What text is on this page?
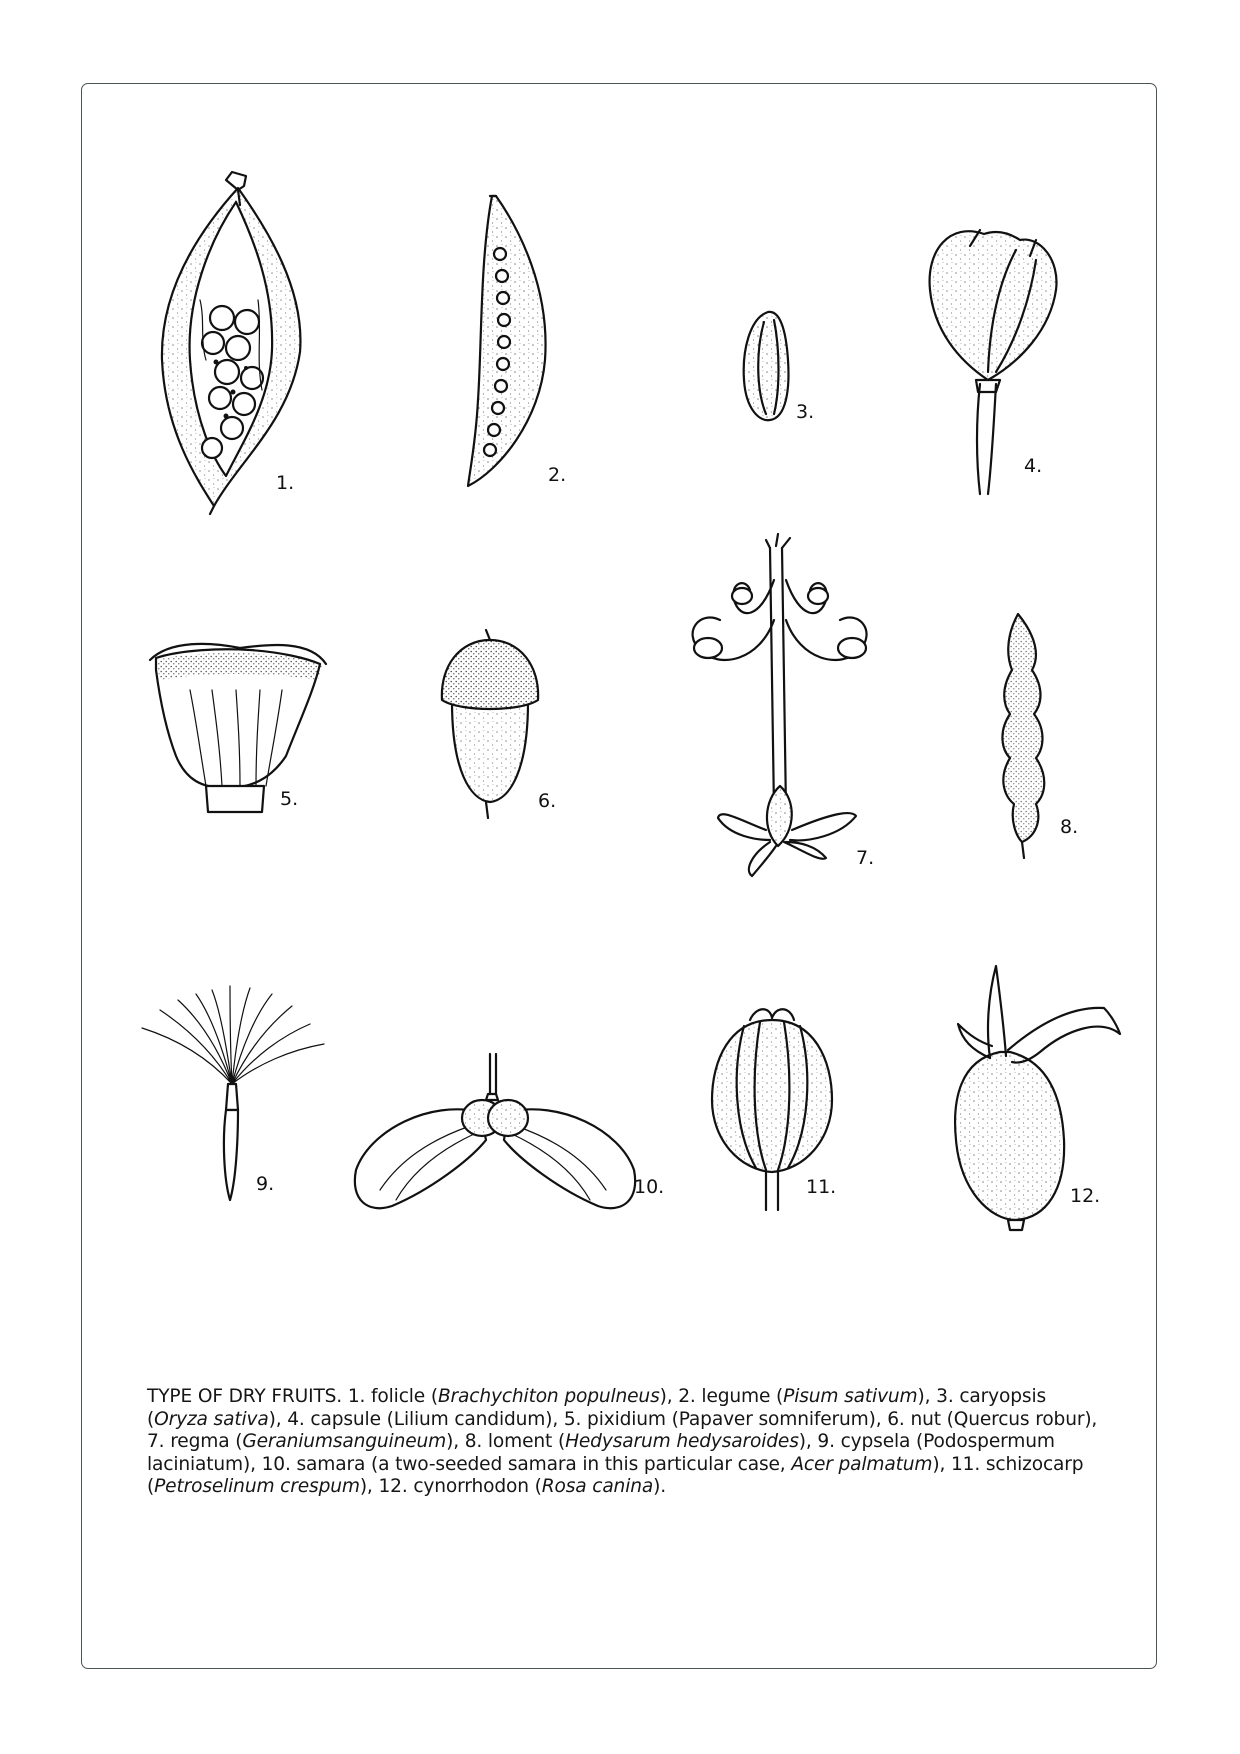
1.	2.
3.
4.
5.	6.
7.
8.
9.	10.	11.	12.

TYPE OF DRY FRUITS. 1. folicle (Brachychiton populneus), 2. legume (Pisum sativum), 3. caryopsis (Oryza sativa), 4. capsule (Lilium candidum), 5. pixidium (Papaver somniferum), 6. nut (Quercus robur), 7. regma (Geraniumsanguineum), 8. loment (Hedysarum hedysaroides), 9. cypsela (Podospermum laciniatum), 10. samara (a two-seeded samara in this particular case, Acer palmatum), 11. schizocarp (Petroselinum crespum), 12. cynorrhodon (Rosa canina).
